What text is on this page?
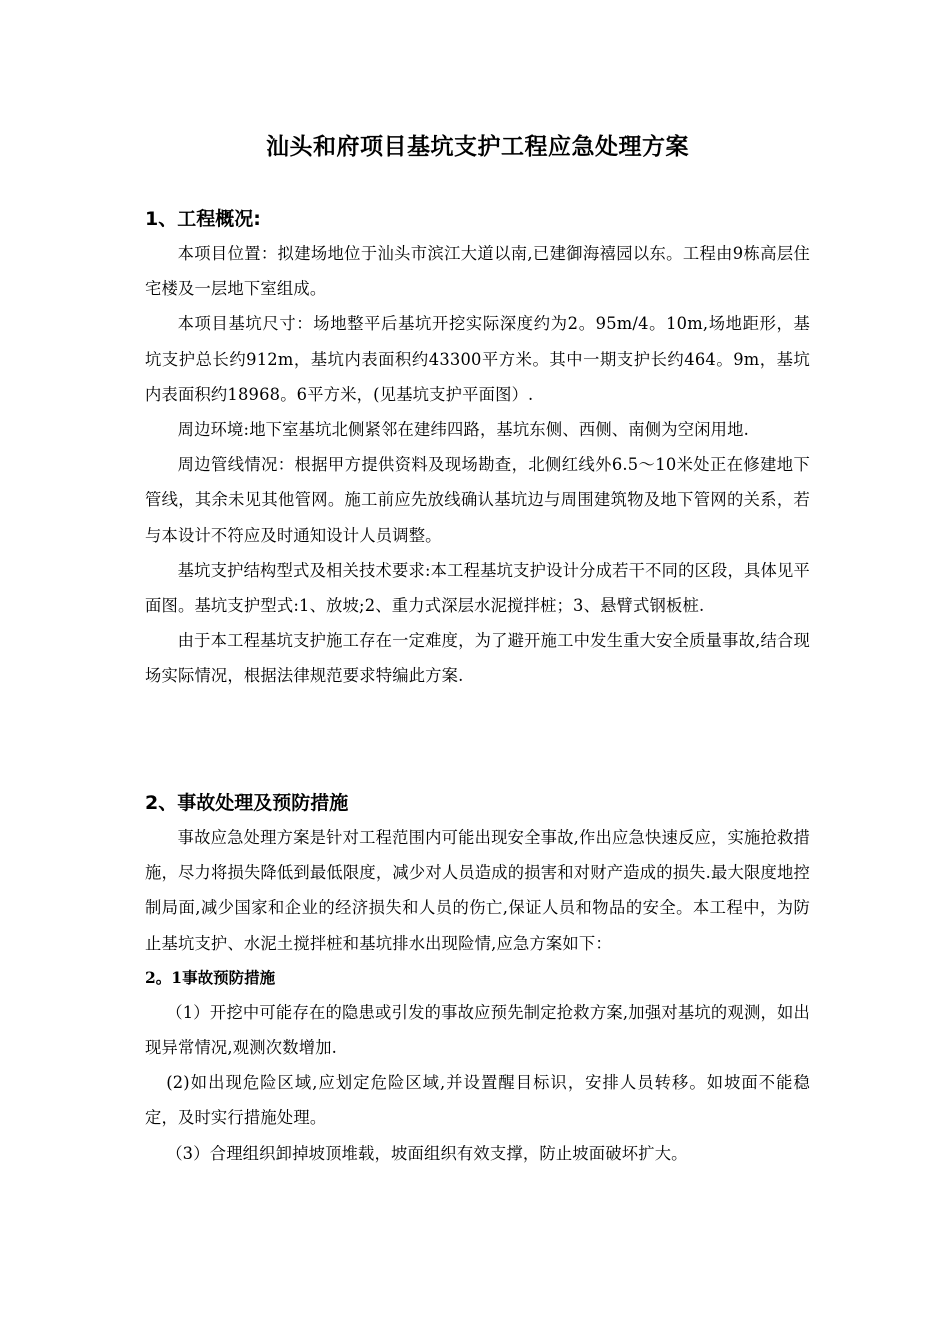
汕头和府项目基坑支护工程应急处理方案
1、工程概况:

本项目位置：拟建场地位于汕头市滨江大道以南,已建御海禧园以东。工程由9栋高层住宅楼及一层地下室组成。

本项目基坑尺寸：场地整平后基坑开挖实际深度约为2。95m/4。10m,场地距形，基坑支护总长约912m，基坑内表面积约43300平方米。其中一期支护长约464。9m，基坑内表面积约18968。6平方米，(见基坑支护平面图）.

周边环境:地下室基坑北侧紧邻在建纬四路，基坑东侧、西侧、南侧为空闲用地.

周边管线情况：根据甲方提供资料及现场勘查，北侧红线外6.5～10米处正在修建地下管线，其余未见其他管网。施工前应先放线确认基坑边与周围建筑物及地下管网的关系，若与本设计不符应及时通知设计人员调整。

基坑支护结构型式及相关技术要求:本工程基坑支护设计分成若干不同的区段，具体见平面图。基坑支护型式:1、放坡;2、重力式深层水泥搅拌桩；3、悬臂式钢板桩.

由于本工程基坑支护施工存在一定难度，为了避开施工中发生重大安全质量事故,结合现场实际情况，根据法律规范要求特编此方案.

2、事故处理及预防措施

事故应急处理方案是针对工程范围内可能出现安全事故,作出应急快速反应，实施抢救措施，尽力将损失降低到最低限度，减少对人员造成的损害和对财产造成的损失.最大限度地控制局面,减少国家和企业的经济损失和人员的伤亡,保证人员和物品的安全。本工程中，为防止基坑支护、水泥土搅拌桩和基坑排水出现险情,应急方案如下：

2。1事故预防措施

（1）开挖中可能存在的隐患或引发的事故应预先制定抢救方案,加强对基坑的观测，如出现异常情况,观测次数增加.

(2)如出现危险区域,应划定危险区域,并设置醒目标识，安排人员转移。如坡面不能稳定，及时实行措施处理。

（3）合理组织卸掉坡顶堆载，坡面组织有效支撑，防止坡面破坏扩大。
